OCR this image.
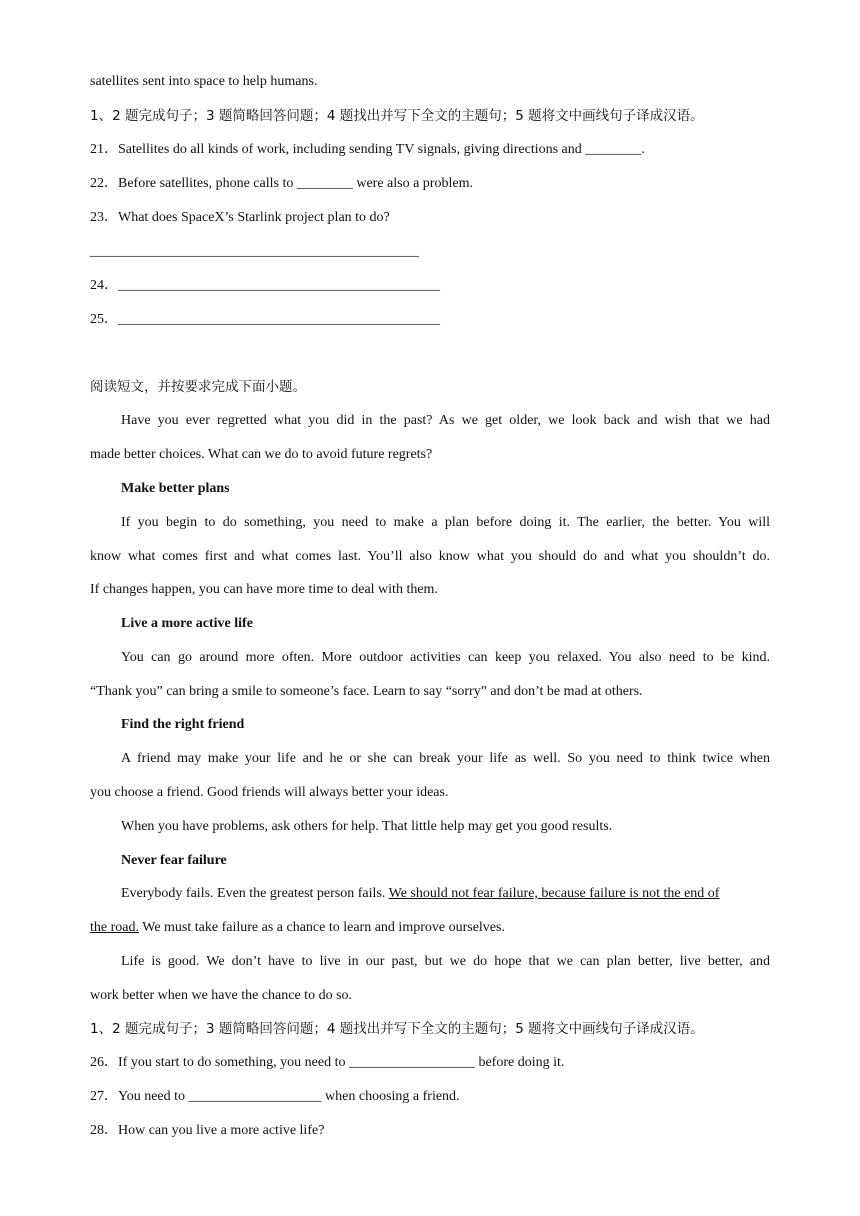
satellites sent into space to help humans.
1、2 题完成句子；3 题简略回答问题；4 题找出并写下全文的主题句；5 题将文中画线句子译成汉语。
21．Satellites do all kinds of work, including sending TV signals, giving directions and ________.
22．Before satellites, phone calls to ________ were also a problem.
23．What does SpaceX’s Starlink project plan to do?
_______________________________________________
24．______________________________________________
25．______________________________________________
阅读短文，并按要求完成下面小题。
Have you ever regretted what you did in the past? As we get older, we look back and wish that we had
made better choices. What can we do to avoid future regrets?
Make better plans
If you begin to do something, you need to make a plan before doing it. The earlier, the better. You will
know what comes first and what comes last. You’ll also know what you should do and what you shouldn’t do.
If changes happen, you can have more time to deal with them.
Live a more active life
You can go around more often. More outdoor activities can keep you relaxed. You also need to be kind.
“Thank you” can bring a smile to someone’s face. Learn to say “sorry” and don’t be mad at others.
Find the right friend
A friend may make your life and he or she can break your life as well. So you need to think twice when
you choose a friend. Good friends will always better your ideas.
When you have problems, ask others for help. That little help may get you good results.
Never fear failure
Everybody fails. Even the greatest person fails. We should not fear failure, because failure is not the end of
the road. We must take failure as a chance to learn and improve ourselves.
Life is good. We don’t have to live in our past, but we do hope that we can plan better, live better, and
work better when we have the chance to do so.
1、2 题完成句子；3 题简略回答问题；4 题找出并写下全文的主题句；5 题将文中画线句子译成汉语。
26．If you start to do something, you need to __________________ before doing it.
27．You need to ___________________ when choosing a friend.
28．How can you live a more active life?
